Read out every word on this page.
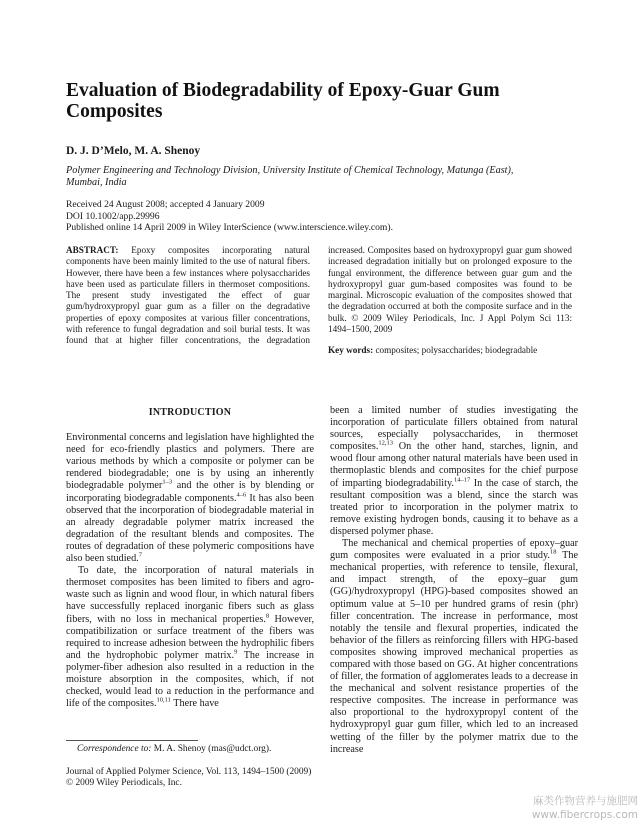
Evaluation of Biodegradability of Epoxy-Guar Gum Composites
D. J. D’Melo, M. A. Shenoy
Polymer Engineering and Technology Division, University Institute of Chemical Technology, Matunga (East), Mumbai, India
Received 24 August 2008; accepted 4 January 2009
DOI 10.1002/app.29996
Published online 14 April 2009 in Wiley InterScience (www.interscience.wiley.com).

ABSTRACT: Epoxy composites incorporating natural components have been mainly limited to the use of natural fibers. However, there have been a few instances where polysaccharides have been used as particulate fillers in thermoset compositions. The present study investigated the effect of guar gum/hydroxypropyl guar gum as a filler on the degradative properties of epoxy composites at various filler concentrations, with reference to fungal degradation and soil burial tests. It was found that at higher filler concentrations, the degradation increased. Composites based on hydroxypropyl guar gum showed increased degradation initially but on prolonged exposure to the fungal environment, the difference between guar gum and the hydroxypropyl guar gum-based composites was found to be marginal. Microscopic evaluation of the composites showed that the degradation occurred at both the composite surface and in the bulk. © 2009 Wiley Periodicals, Inc. J Appl Polym Sci 113: 1494–1500, 2009

Key words: composites; polysaccharides; biodegradable

INTRODUCTION

Environmental concerns and legislation have highlighted the need for eco-friendly plastics and polymers. There are various methods by which a composite or polymer can be rendered biodegradable; one is by using an inherently biodegradable polymer$^{1-3}$ and the other is by blending or incorporating biodegradable components.$^{4-6}$ It has also been observed that the incorporation of biodegradable material in an already degradable polymer matrix increased the degradation of the resultant blends and composites. The routes of degradation of these polymeric compositions have also been studied.$^7$

To date, the incorporation of natural materials in thermoset composites has been limited to fibers and agro-waste such as lignin and wood flour, in which natural fibers have successfully replaced inorganic fibers such as glass fibers, with no loss in mechanical properties.$^8$ However, compatibilization or surface treatment of the fibers was required to increase adhesion between the hydrophilic fibers and the hydrophobic polymer matrix.$^9$ The increase in polymer-fiber adhesion also resulted in a reduction in the moisture absorption in the composites, which, if not checked, would lead to a reduction in the performance and life of the composites.$^{10,11}$ There have

been a limited number of studies investigating the incorporation of particulate fillers obtained from natural sources, especially polysaccharides, in thermoset composites.$^{12,13}$ On the other hand, starches, lignin, and wood flour among other natural materials have been used in thermoplastic blends and composites for the chief purpose of imparting biodegradability.$^{14-17}$ In the case of starch, the resultant composition was a blend, since the starch was treated prior to incorporation in the polymer matrix to remove existing hydrogen bonds, causing it to behave as a dispersed polymer phase.

The mechanical and chemical properties of epoxy–guar gum composites were evaluated in a prior study.$^{18}$ The mechanical properties, with reference to tensile, flexural, and impact strength, of the epoxy–guar gum (GG)/hydroxypropyl (HPG)-based composites showed an optimum value at 5–10 per hundred grams of resin (phr) filler concentration. The increase in performance, most notably the tensile and flexural properties, indicated the behavior of the fillers as reinforcing fillers with HPG-based composites showing improved mechanical properties as compared with those based on GG. At higher concentrations of filler, the formation of agglomerates leads to a decrease in the mechanical and solvent resistance properties of the respective composites. The increase in performance was also proportional to the hydroxypropyl content of the hydroxypropyl guar gum filler, which led to an increased wetting of the filler by the polymer matrix due to the increase

Correspondence to: M. A. Shenoy (mas@udct.org).
Journal of Applied Polymer Science, Vol. 113, 1494–1500 (2009)
© 2009 Wiley Periodicals, Inc.
麻类作物营养与施肥网
www.fibercrops.com
